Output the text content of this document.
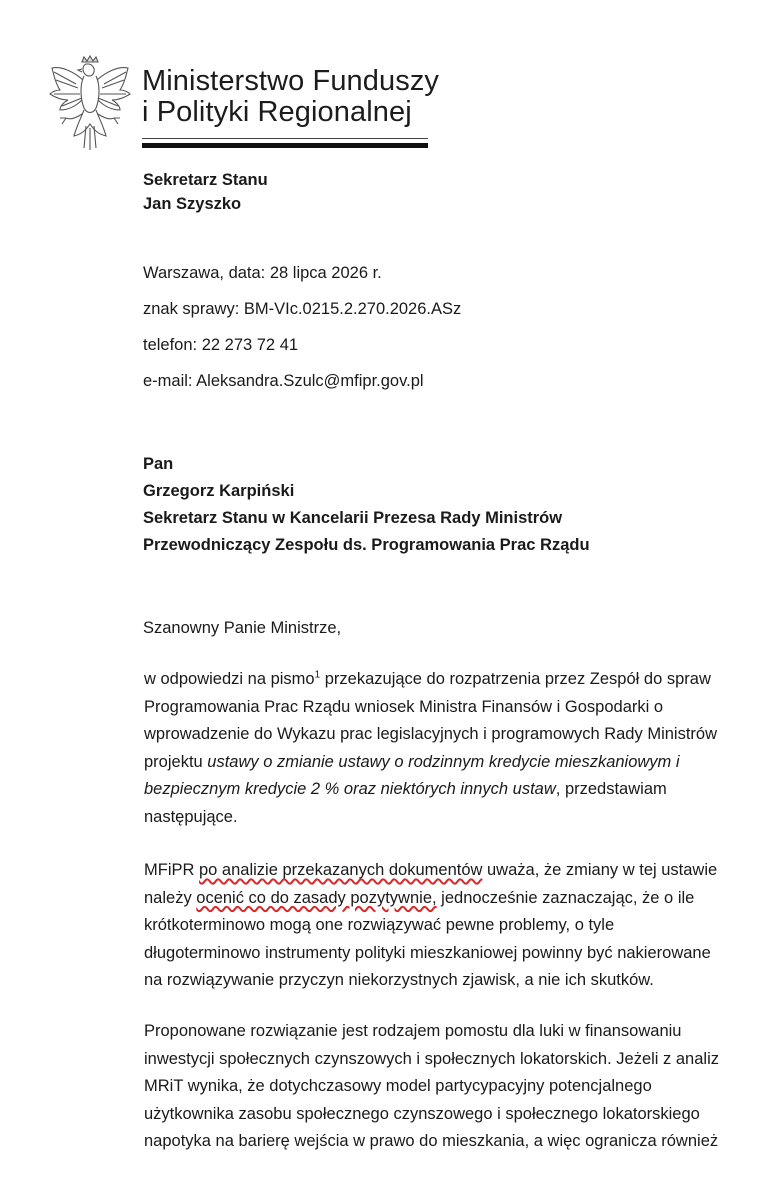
Ministerstwo Funduszy
i Polityki Regionalnej
Sekretarz Stanu
Jan Szyszko
Warszawa, data: 28 lipca 2026 r.
znak sprawy: BM-VIc.0215.2.270.2026.ASz
telefon: 22 273 72 41
e-mail: Aleksandra.Szulc@mfipr.gov.pl
Pan
Grzegorz Karpiński
Sekretarz Stanu w Kancelarii Prezesa Rady Ministrów
Przewodniczący Zespołu ds. Programowania Prac Rządu
Szanowny Panie Ministrze,

w odpowiedzi na pismo$^1$ przekazujące do rozpatrzenia przez Zespół do spraw

Programowania Prac Rządu wniosek Ministra Finansów i Gospodarki o

wprowadzenie do Wykazu prac legislacyjnych i programowych Rady Ministrów

projektu ustawy o zmianie ustawy o rodzinnym kredycie mieszkaniowym i

bezpiecznym kredycie 2 % oraz niektórych innych ustaw, przedstawiam

następujące.

MFiPR po analizie przekazanych dokumentów uważa, że zmiany w tej ustawie

należy ocenić co do zasady pozytywnie, jednocześnie zaznaczając, że o ile

krótkoterminowo mogą one rozwiązywać pewne problemy, o tyle

długoterminowo instrumenty polityki mieszkaniowej powinny być nakierowane

na rozwiązywanie przyczyn niekorzystnych zjawisk, a nie ich skutków.

Proponowane rozwiązanie jest rodzajem pomostu dla luki w finansowaniu

inwestycji społecznych czynszowych i społecznych lokatorskich. Jeżeli z analiz

MRiT wynika, że dotychczasowy model partycypacyjny potencjalnego

użytkownika zasobu społecznego czynszowego i społecznego lokatorskiego

napotyka na barierę wejścia w prawo do mieszkania, a więc ogranicza również
